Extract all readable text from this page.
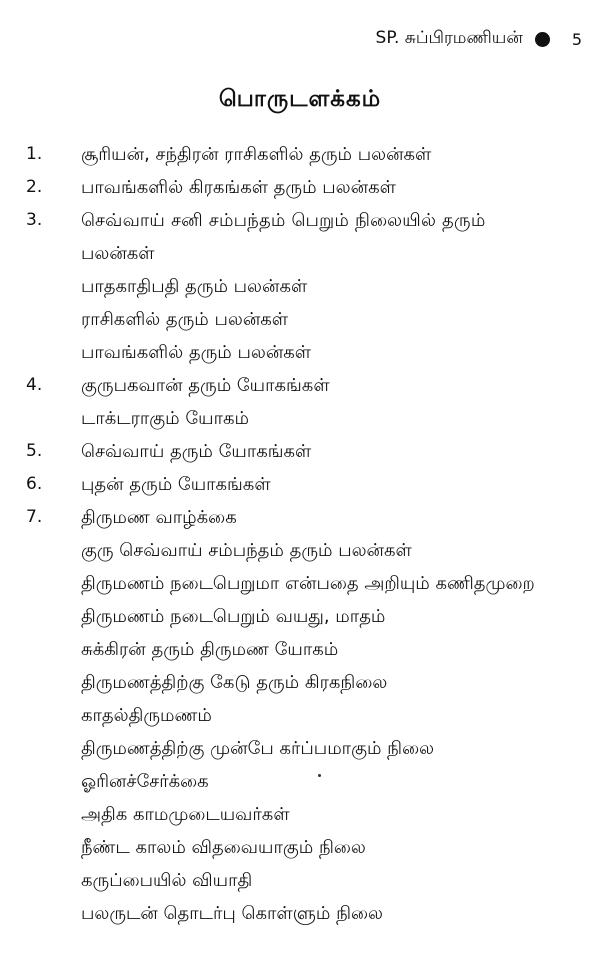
SP. சுப்பிரமணியன்	5
பொருடளக்கம்
1. சூரியன், சந்திரன் ராசிகளில் தரும் பலன்கள்
2. பாவங்களில் கிரகங்கள் தரும் பலன்கள்
3. செவ்வாய் சனி சம்பந்தம் பெறும் நிலையில் தரும்
பலன்கள்
பாதகாதிபதி தரும் பலன்கள்
ராசிகளில் தரும் பலன்கள்
பாவங்களில் தரும் பலன்கள்
4. குருபகவான் தரும் யோகங்கள்
டாக்டராகும் யோகம்
5. செவ்வாய் தரும் யோகங்கள்
6. புதன் தரும் யோகங்கள்
7. திருமண வாழ்க்கை
குரு செவ்வாய் சம்பந்தம் தரும் பலன்கள்
திருமணம் நடைபெறுமா என்பதை அறியும் கணிதமுறை
திருமணம் நடைபெறும் வயது, மாதம்
சுக்கிரன் தரும் திருமண யோகம்
திருமணத்திற்கு கேடு தரும் கிரகநிலை
காதல்திருமணம்
திருமணத்திற்கு முன்பே கர்ப்பமாகும் நிலை
ஓரினச்சேர்க்கை
அதிக காமமுடையவர்கள்
நீண்ட காலம் விதவையாகும் நிலை
கருப்பையில் வியாதி
பலருடன் தொடர்பு கொள்ளும் நிலை
